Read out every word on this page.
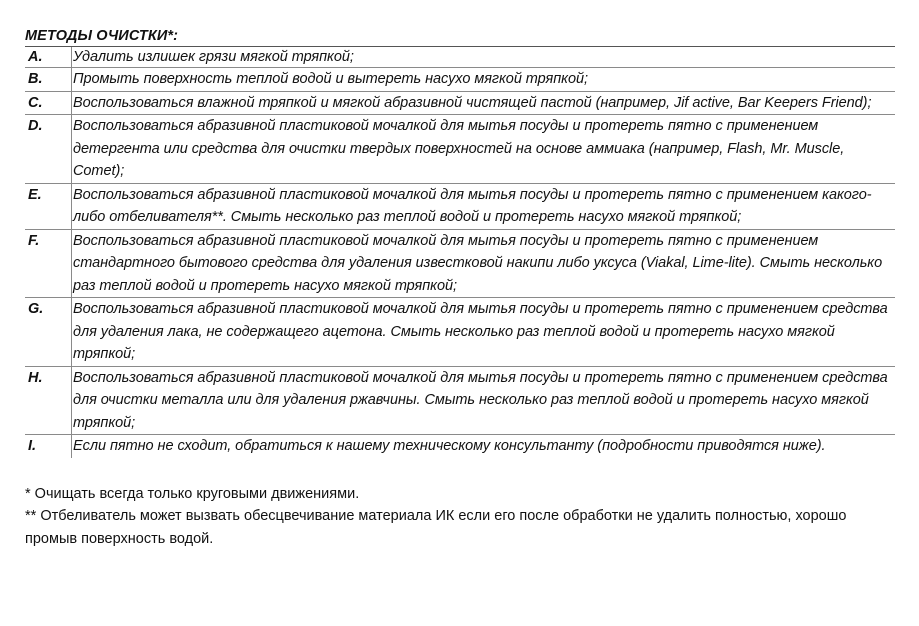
МЕТОДЫ ОЧИСТКИ*:
A.	Удалить излишек грязи мягкой тряпкой;
B.	Промыть поверхность теплой водой и вытереть насухо мягкой тряпкой;
C.	Воспользоваться влажной тряпкой и мягкой абразивной чистящей пастой (например, Jif active, Bar Keepers Friend);
D.	Воспользоваться абразивной пластиковой мочалкой для мытья посуды и протереть пятно с применением детергента или средства для очистки твердых поверхностей на основе аммиака (например, Flash, Mr. Muscle, Comet);
E.	Воспользоваться абразивной пластиковой мочалкой для мытья посуды и протереть пятно с применением какого-либо отбеливателя**. Смыть несколько раз теплой водой и протереть насухо мягкой тряпкой;
F.	Воспользоваться абразивной пластиковой мочалкой для мытья посуды и протереть пятно с применением стандартного бытового средства для удаления известковой накипи либо уксуса (Viakal, Lime-lite). Смыть несколько раз теплой водой и протереть насухо мягкой тряпкой;
G.	Воспользоваться абразивной пластиковой мочалкой для мытья посуды и протереть пятно с применением средства для удаления лака, не содержащего ацетона. Смыть несколько раз теплой водой и протереть насухо мягкой тряпкой;
H.	Воспользоваться абразивной пластиковой мочалкой для мытья посуды и протереть пятно с применением средства для очистки металла или для удаления ржавчины. Смыть несколько раз теплой водой и протереть насухо мягкой тряпкой;
I.	Если пятно не сходит, обратиться к нашему техническому консультанту (подробности приводятся ниже).
* Очищать всегда только круговыми движениями.
** Отбеливатель может вызвать обесцвечивание материала ИК если его после обработки не удалить полностью, хорошо промыв поверхность водой.
